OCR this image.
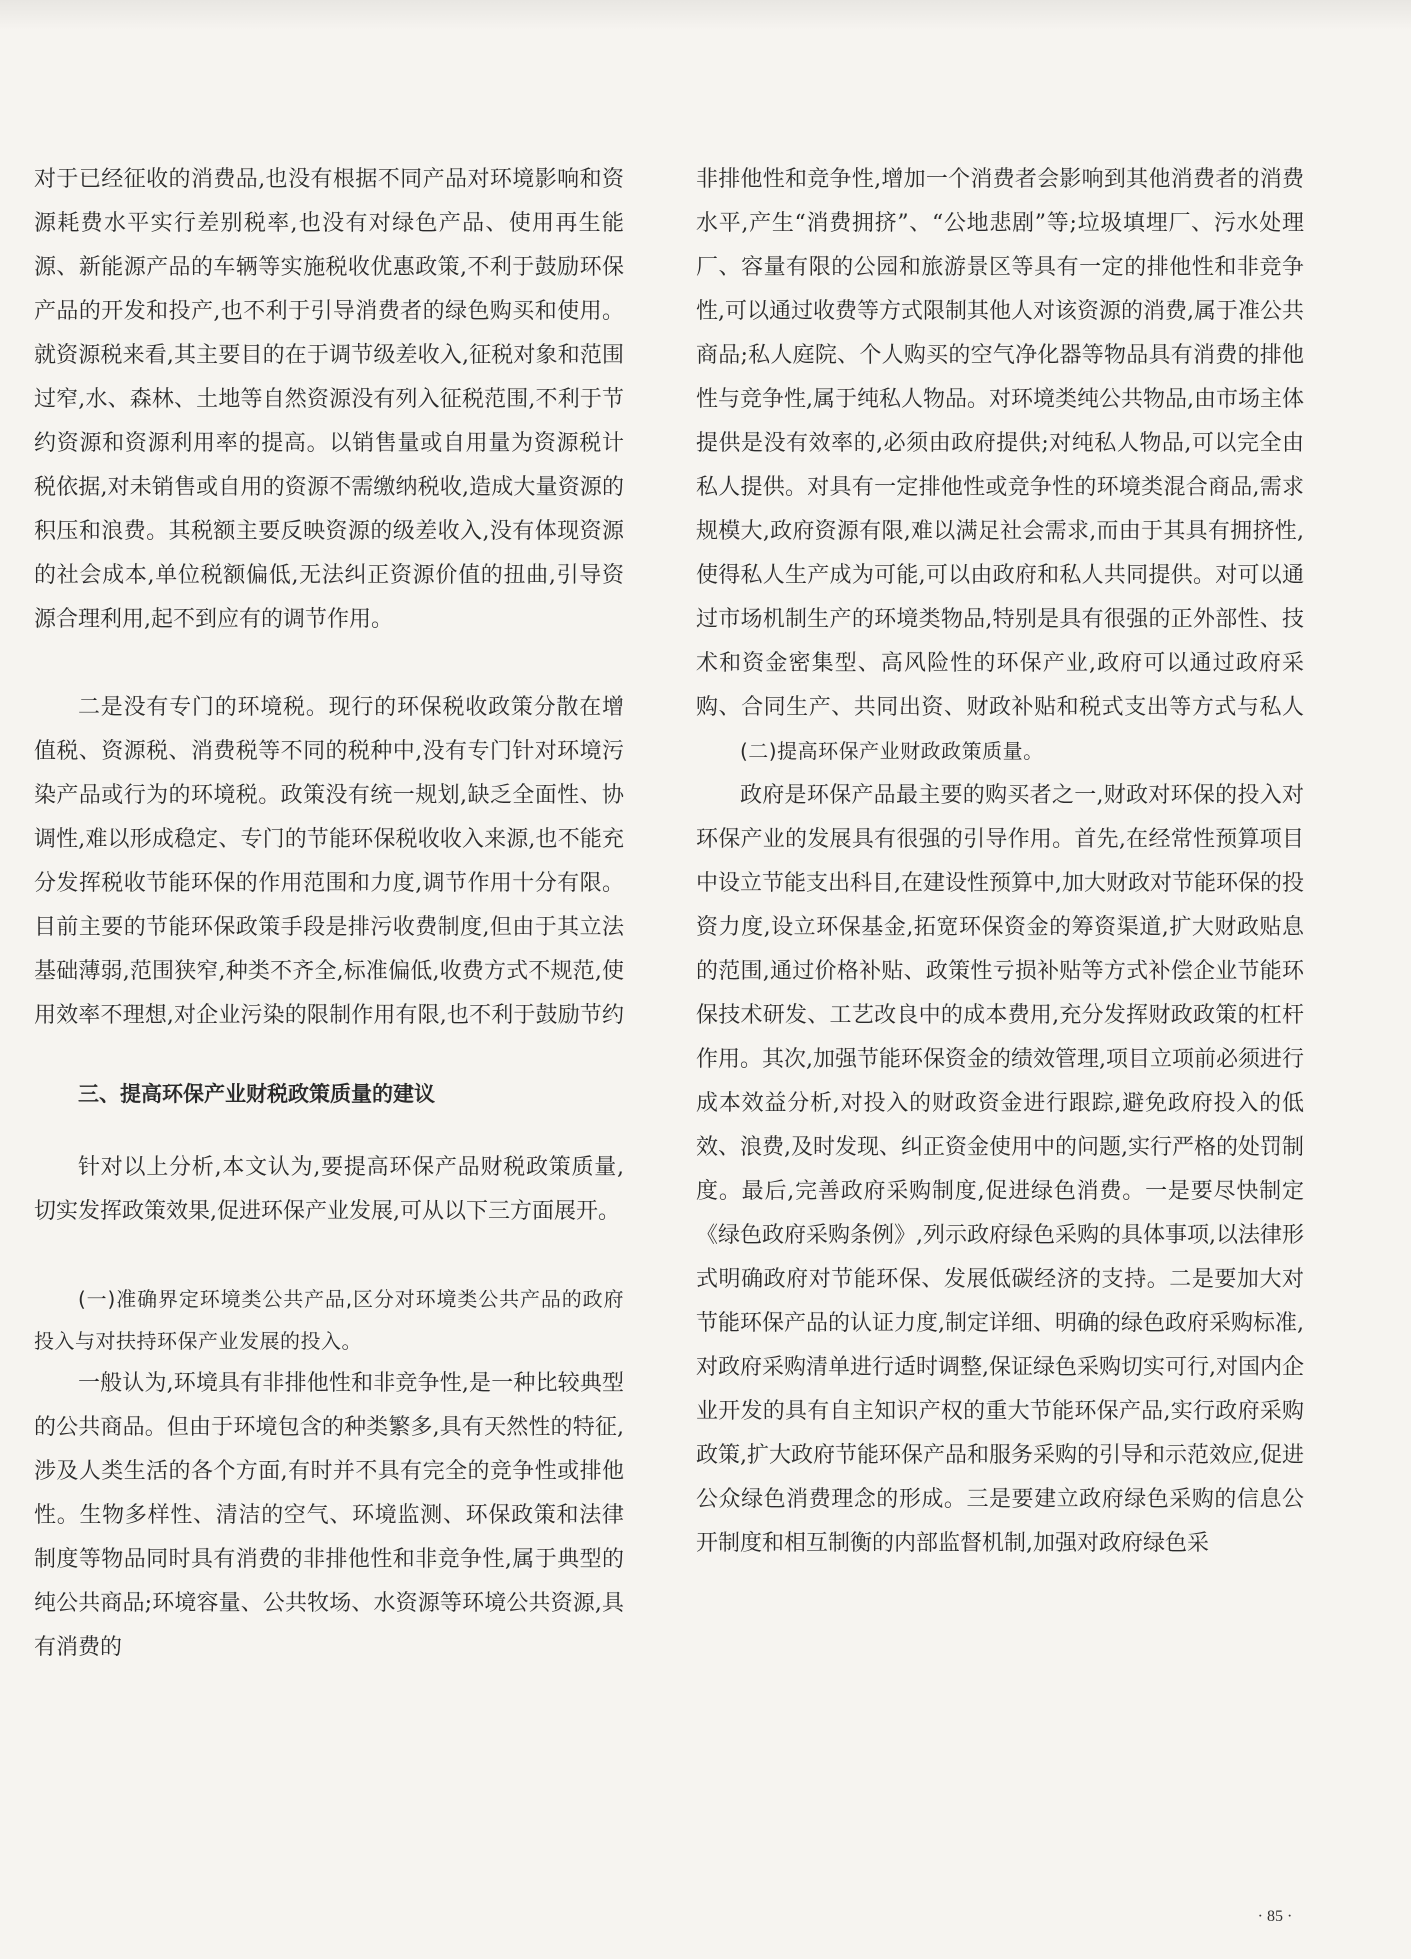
对于已经征收的消费品,也没有根据不同产品对环境影响和资源耗费水平实行差别税率,也没有对绿色产品、使用再生能源、新能源产品的车辆等实施税收优惠政策,不利于鼓励环保产品的开发和投产,也不利于引导消费者的绿色购买和使用。就资源税来看,其主要目的在于调节级差收入,征税对象和范围过窄,水、森林、土地等自然资源没有列入征税范围,不利于节约资源和资源利用率的提高。以销售量或自用量为资源税计税依据,对未销售或自用的资源不需缴纳税收,造成大量资源的积压和浪费。其税额主要反映资源的级差收入,没有体现资源的社会成本,单位税额偏低,无法纠正资源价值的扭曲,引导资源合理利用,起不到应有的调节作用。

二是没有专门的环境税。现行的环保税收政策分散在增值税、资源税、消费税等不同的税种中,没有专门针对环境污染产品或行为的环境税。政策没有统一规划,缺乏全面性、协调性,难以形成稳定、专门的节能环保税收收入来源,也不能充分发挥税收节能环保的作用范围和力度,调节作用十分有限。目前主要的节能环保政策手段是排污收费制度,但由于其立法基础薄弱,范围狭窄,种类不齐全,标准偏低,收费方式不规范,使用效率不理想,对企业污染的限制作用有限,也不利于鼓励节约

三、提高环保产业财税政策质量的建议

针对以上分析,本文认为,要提高环保产品财税政策质量,切实发挥政策效果,促进环保产业发展,可从以下三方面展开。

(一)准确界定环境类公共产品,区分对环境类公共产品的政府投入与对扶持环保产业发展的投入。

一般认为,环境具有非排他性和非竞争性,是一种比较典型的公共商品。但由于环境包含的种类繁多,具有天然性的特征,涉及人类生活的各个方面,有时并不具有完全的竞争性或排他性。生物多样性、清洁的空气、环境监测、环保政策和法律制度等物品同时具有消费的非排他性和非竞争性,属于典型的纯公共商品;环境容量、公共牧场、水资源等环境公共资源,具有消费的

非排他性和竞争性,增加一个消费者会影响到其他消费者的消费水平,产生“消费拥挤”、“公地悲剧”等;垃圾填埋厂、污水处理厂、容量有限的公园和旅游景区等具有一定的排他性和非竞争性,可以通过收费等方式限制其他人对该资源的消费,属于准公共商品;私人庭院、个人购买的空气净化器等物品具有消费的排他性与竞争性,属于纯私人物品。对环境类纯公共物品,由市场主体提供是没有效率的,必须由政府提供;对纯私人物品,可以完全由私人提供。对具有一定排他性或竞争性的环境类混合商品,需求规模大,政府资源有限,难以满足社会需求,而由于其具有拥挤性,使得私人生产成为可能,可以由政府和私人共同提供。对可以通过市场机制生产的环境类物品,特别是具有很强的正外部性、技术和资金密集型、高风险性的环保产业,政府可以通过政府采购、合同生产、共同出资、财政补贴和税式支出等方式与私人

(二)提高环保产业财政政策质量。

政府是环保产品最主要的购买者之一,财政对环保的投入对环保产业的发展具有很强的引导作用。首先,在经常性预算项目中设立节能支出科目,在建设性预算中,加大财政对节能环保的投资力度,设立环保基金,拓宽环保资金的筹资渠道,扩大财政贴息的范围,通过价格补贴、政策性亏损补贴等方式补偿企业节能环保技术研发、工艺改良中的成本费用,充分发挥财政政策的杠杆作用。其次,加强节能环保资金的绩效管理,项目立项前必须进行成本效益分析,对投入的财政资金进行跟踪,避免政府投入的低效、浪费,及时发现、纠正资金使用中的问题,实行严格的处罚制度。最后,完善政府采购制度,促进绿色消费。一是要尽快制定《绿色政府采购条例》,列示政府绿色采购的具体事项,以法律形式明确政府对节能环保、发展低碳经济的支持。二是要加大对节能环保产品的认证力度,制定详细、明确的绿色政府采购标准,对政府采购清单进行适时调整,保证绿色采购切实可行,对国内企业开发的具有自主知识产权的重大节能环保产品,实行政府采购政策,扩大政府节能环保产品和服务采购的引导和示范效应,促进公众绿色消费理念的形成。三是要建立政府绿色采购的信息公开制度和相互制衡的内部监督机制,加强对政府绿色采

· 85 ·
